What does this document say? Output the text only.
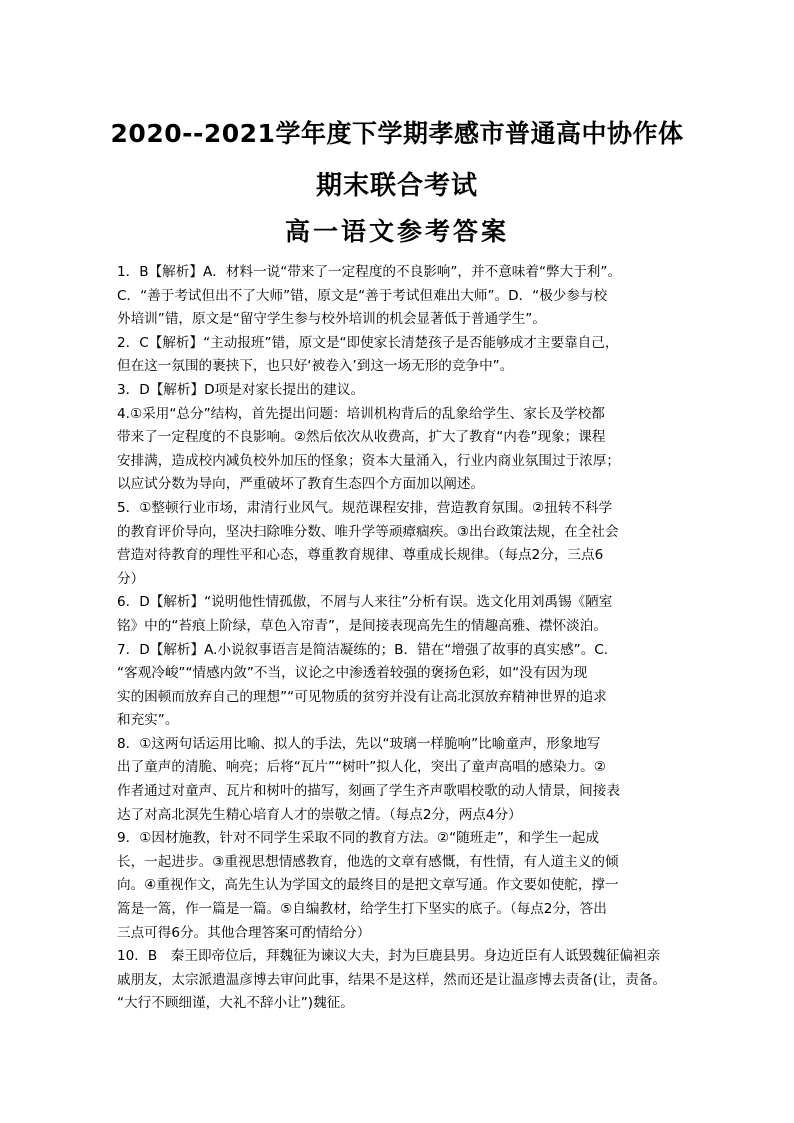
2020--2021学年度下学期孝感市普通高中协作体
期末联合考试
高一语文参考答案
1．B【解析】A．材料一说“带来了一定程度的不良影响”，并不意味着“弊大于利”。
C．“善于考试但出不了大师”错，原文是“善于考试但难出大师”。D．“极少参与校
外培训”错，原文是“留守学生参与校外培训的机会显著低于普通学生”。
2．C【解析】“主动报班”错，原文是“即使家长清楚孩子是否能够成才主要靠自己，
但在这一氛围的裹挟下，也只好‘被卷入’到这一场无形的竞争中”。
3．D【解析】D项是对家长提出的建议。
4.①采用“总分”结构，首先提出问题：培训机构背后的乱象给学生、家长及学校都
带来了一定程度的不良影响。②然后依次从收费高，扩大了教育“内卷”现象；课程
安排满，造成校内减负校外加压的怪象；资本大量涌入，行业内商业氛围过于浓厚；
以应试分数为导向，严重破坏了教育生态四个方面加以阐述。
5．①整顿行业市场，肃清行业风气。规范课程安排，营造教育氛围。②扭转不科学
的教育评价导向，坚决扫除唯分数、唯升学等顽瘴痼疾。③出台政策法规，在全社会
营造对待教育的理性平和心态，尊重教育规律、尊重成长规律。（每点2分，三点6
分）
6．D【解析】“说明他性情孤傲，不屑与人来往”分析有误。选文化用刘禹锡《陋室
铭》中的“苔痕上阶绿，草色入帘青”，是间接表现高先生的情趣高雅、襟怀淡泊。
7．D【解析】A.小说叙事语言是简洁凝练的；B．错在“增强了故事的真实感”。C.
“客观冷峻”“情感内敛”不当，议论之中渗透着较强的褒扬色彩，如“没有因为现
实的困顿而放弃自己的理想”“可见物质的贫穷并没有让高北溟放弃精神世界的追求
和充实”。
8．①这两句话运用比喻、拟人的手法，先以“玻璃一样脆响”比喻童声，形象地写
出了童声的清脆、响亮；后将“瓦片”“树叶”拟人化，突出了童声高唱的感染力。②
作者通过对童声、瓦片和树叶的描写，刻画了学生齐声歌唱校歌的动人情景，间接表
达了对高北溟先生精心培育人才的崇敬之情。（每点2分，两点4分）
9．①因材施教，针对不同学生采取不同的教育方法。②“随班走”，和学生一起成
长，一起进步。③重视思想情感教育，他选的文章有感慨，有性情，有人道主义的倾
向。④重视作文，高先生认为学国文的最终目的是把文章写通。作文要如使舵，撑一
篙是一篙，作一篇是一篇。⑤自编教材，给学生打下坚实的底子。（每点2分，答出
三点可得6分。其他合理答案可酌情给分）
10．B　秦王即帝位后，拜魏征为谏议大夫，封为巨鹿县男。身边近臣有人诋毁魏征偏袒亲
戚朋友，太宗派遣温彦博去审问此事，结果不是这样，然而还是让温彦博去责备(让，责备。
“大行不顾细谨，大礼不辞小让”)魏征。
